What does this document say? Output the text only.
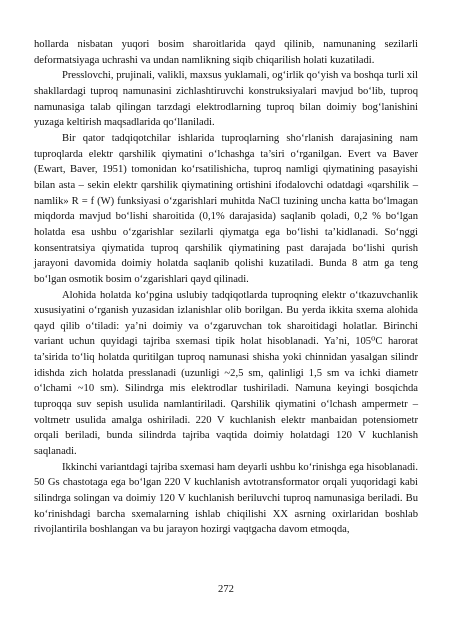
hollarda nisbatan yuqori bosim sharoitlarida qayd qilinib, namunaning sezilarli deformatsiyaga uchrashi va undan namlikning siqib chiqarilish holati kuzatiladi.

Presslovchi, prujinali, valikli, maxsus yuklamali, og‘irlik qo‘yish va boshqa turli xil shakllardagi tuproq namunasini zichlashtiruvchi konstruksiyalari mavjud bo‘lib, tuproq namunasiga talab qilingan tarzdagi elektrodlarning tuproq bilan doimiy bog‘lanishini yuzaga keltirish maqsadlarida qo‘llaniladi.

Bir qator tadqiqotchilar ishlarida tuproqlarning sho‘rlanish darajasining nam tuproqlarda elektr qarshilik qiymatini o‘lchashga ta’siri o‘rganilgan. Evert va Baver (Ewart, Baver, 1951) tomonidan ko‘rsatilishicha, tuproq namligi qiymatining pasayishi bilan asta – sekin elektr qarshilik qiymatining ortishini ifodalovchi odatdagi «qarshilik – namlik» R = f (W) funksiyasi o‘zgarishlari muhitda NaCl tuzining uncha katta bo‘lmagan miqdorda mavjud bo‘lishi sharoitida (0,1% darajasida) saqlanib qoladi, 0,2 % bo‘lgan holatda esa ushbu o‘zgarishlar sezilarli qiymatga ega bo‘lishi ta’kidlanadi. So‘nggi konsentratsiya qiymatida tuproq qarshilik qiymatining past darajada bo‘lishi qurish jarayoni davomida doimiy holatda saqlanib qolishi kuzatiladi. Bunda 8 atm ga teng bo‘lgan osmotik bosim o‘zgarishlari qayd qilinadi.

Alohida holatda ko‘pgina uslubiy tadqiqotlarda tuproqning elektr o‘tkazuvchanlik xususiyatini o‘rganish yuzasidan izlanishlar olib borilgan. Bu yerda ikkita sxema alohida qayd qilib o‘tiladi: ya’ni doimiy va o‘zgaruvchan tok sharoitidagi holatlar. Birinchi variant uchun quyidagi tajriba sxemasi tipik holat hisoblanadi. Ya’ni, 105⁰C harorat ta’sirida to‘liq holatda quritilgan tuproq namunasi shisha yoki chinnidan yasalgan silindr idishda zich holatda presslanadi (uzunligi ~2,5 sm, qalinligi 1,5 sm va ichki diametr o‘lchami ~10 sm). Silindrga mis elektrodlar tushiriladi. Namuna keyingi bosqichda tuproqqa suv sepish usulida namlantiriladi. Qarshilik qiymatini o‘lchash ampermetr – voltmetr usulida amalga oshiriladi. 220 V kuchlanish elektr manbaidan potensiometr orqali beriladi, bunda silindrda tajriba vaqtida doimiy holatdagi 120 V kuchlanish saqlanadi.

Ikkinchi variantdagi tajriba sxemasi ham deyarli ushbu ko‘rinishga ega hisoblanadi. 50 Gs chastotaga ega bo‘lgan 220 V kuchlanish avtotransformator orqali yuqoridagi kabi silindrga solingan va doimiy 120 V kuchlanish beriluvchi tuproq namunasiga beriladi. Bu ko‘rinishdagi barcha sxemalarning ishlab chiqilishi XX asrning oxirlaridan boshlab rivojlantirila boshlangan va bu jarayon hozirgi vaqtgacha davom etmoqda,

272
